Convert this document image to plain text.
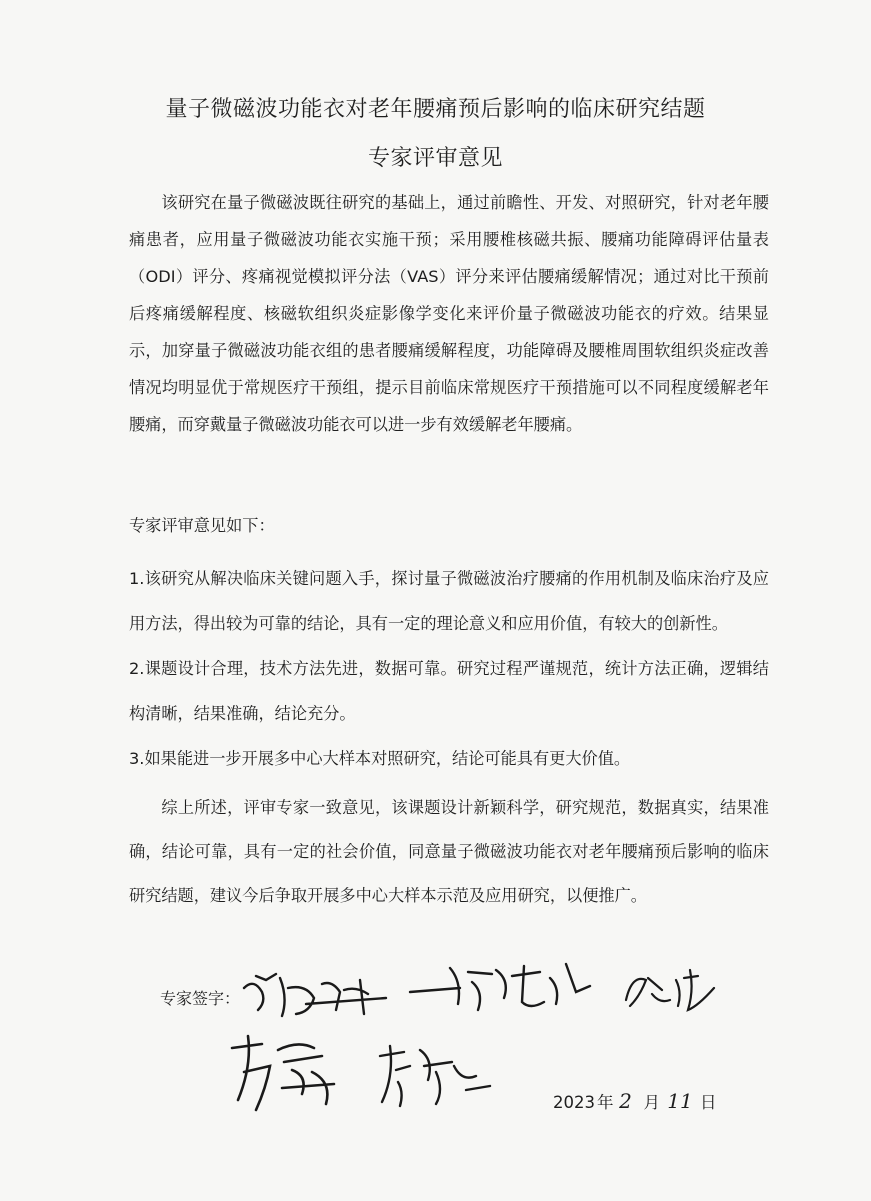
量子微磁波功能衣对老年腰痛预后影响的临床研究结题
专家评审意见
该研究在量子微磁波既往研究的基础上，通过前瞻性、开发、对照研究，针对老年腰痛患者，应用量子微磁波功能衣实施干预；采用腰椎核磁共振、腰痛功能障碍评估量表（ODI）评分、疼痛视觉模拟评分法（VAS）评分来评估腰痛缓解情况；通过对比干预前后疼痛缓解程度、核磁软组织炎症影像学变化来评价量子微磁波功能衣的疗效。结果显示，加穿量子微磁波功能衣组的患者腰痛缓解程度，功能障碍及腰椎周围软组织炎症改善情况均明显优于常规医疗干预组，提示目前临床常规医疗干预措施可以不同程度缓解老年腰痛，而穿戴量子微磁波功能衣可以进一步有效缓解老年腰痛。
专家评审意见如下：
1.该研究从解决临床关键问题入手，探讨量子微磁波治疗腰痛的作用机制及临床治疗及应用方法，得出较为可靠的结论，具有一定的理论意义和应用价值，有较大的创新性。
2.课题设计合理，技术方法先进，数据可靠。研究过程严谨规范，统计方法正确，逻辑结构清晰，结果准确，结论充分。
3.如果能进一步开展多中心大样本对照研究，结论可能具有更大价值。
综上所述，评审专家一致意见，该课题设计新颖科学，研究规范，数据真实，结果准确，结论可靠，具有一定的社会价值，同意量子微磁波功能衣对老年腰痛预后影响的临床研究结题，建议今后争取开展多中心大样本示范及应用研究，以便推广。
专家签字：
2023 年 2 月 11 日
